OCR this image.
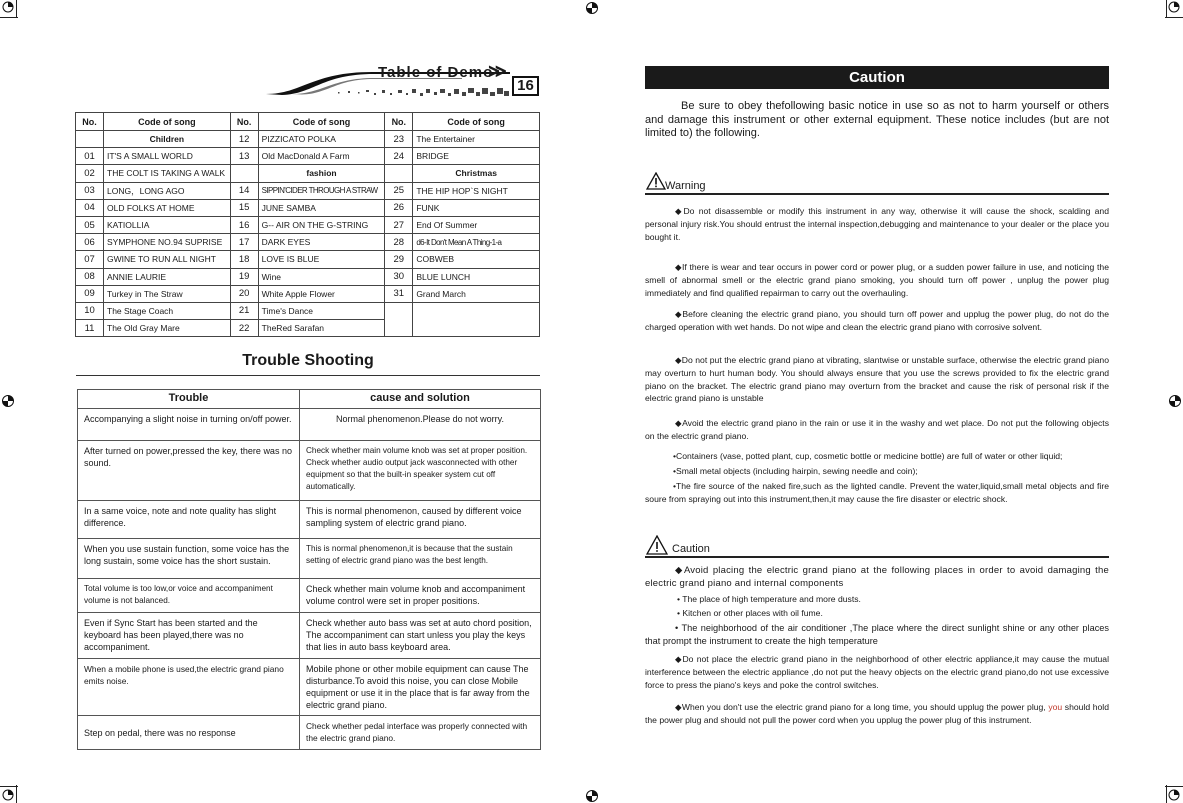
Table of Demo
≫
16
No.	Code of song	No.	Code of song	No.	Code of song
	Children	12	PIZZICATO POLKA	23	The Entertainer
01	IT'S A SMALL WORLD	13	Old MacDonald A Farm	24	BRIDGE
02	THE COLT IS TAKING A WALK		fashion		Christmas
03	LONG，LONG AGO	14	SIPPIN'CIDER THROUGH A STRAW	25	THE HIP HOP`S NIGHT
04	OLD FOLKS AT HOME	15	JUNE SAMBA	26	FUNK
05	KATIOLLIA	16	G-- AIR ON THE G-STRING	27	End Of Summer
06	SYMPHONE NO.94 SUPRISE	17	DARK EYES	28	d6-It Don't Mean A Thing-1-a
07	GWINE TO RUN ALL NIGHT	18	LOVE IS BLUE	29	COBWEB
08	ANNIE LAURIE	19	Wine	30	BLUE LUNCH
09	Turkey in The Straw	20	White Apple Flower	31	Grand March
10	The Stage Coach	21	Time's Dance		
11	The Old Gray Mare	22	TheRed Sarafan		
Trouble Shooting
Trouble	cause and solution
Accompanying a slight noise in turning on/off power.	Normal phenomenon.Please do not worry.
After turned on power,pressed the key, there was no sound.	Check whether main volume knob was set at proper position. Check whether audio output jack wasconnected with other equipment so that the built-in speaker system cut off automatically.
In a same voice, note and note quality has slight difference.	This is normal phenomenon, caused by different voice sampling system of electric grand piano.
When you use sustain function, some voice has the long sustain, some voice has the short sustain.	This is normal phenomenon,it is because that the sustain setting of electric grand piano was the best length.
Total volume is too low,or voice and accompaniment volume is not balanced.	Check whether main volume knob and accompaniment volume control were set in proper positions.
Even if Sync Start has been started and the keyboard has been played,there was no accompaniment.	Check whether auto bass was set at auto chord position, The accompaniment can start unless you play the keys that lies in auto bass keyboard area.
When a mobile phone is used,the electric grand piano emits noise.	Mobile phone or other mobile equipment can cause The disturbance.To avoid this noise, you can close Mobile equipment or use it in the place that is far away from the electric grand piano.
Step on pedal, there was no response	Check whether pedal interface was properly connected with the electric grand piano.
Caution
Be sure to obey thefollowing basic notice in use so as not to harm yourself or others and damage this instrument or other external equipment. These notice includes (but are not limited to) the following.
Warning
◆Do not disassemble or modify this instrument in any way, otherwise it will cause the shock, scalding and personal injury risk.You should entrust the internal inspection,debugging and maintenance to your dealer or the place you bought it.
◆If there is wear and tear occurs in power cord or power plug, or a sudden power failure in use, and noticing the smell of abnormal smell or the electric grand piano smoking, you should turn off power , unplug the power plug immediately and find qualified repairman to carry out the overhauling.
◆Before cleaning the electric grand piano, you should turn off power and upplug the power plug, do not do the charged operation with wet hands. Do not wipe and clean the electric grand piano with corrosive solvent.
◆Do not put the electric grand piano at vibrating, slantwise or unstable surface, otherwise the electric grand piano may overturn to hurt human body. You should always ensure that you use the screws provided to fix the electric grand piano on the bracket. The electric grand piano may overturn from the bracket and cause the risk of personal risk if the electric grand piano is unstable
◆Avoid the electric grand piano in the rain or use it in the washy and wet place. Do not put the following objects on the electric grand piano.
•Containers (vase, potted plant, cup, cosmetic bottle or medicine bottle) are full of water or other liquid;
•Small metal objects (including hairpin, sewing needle and coin);
•The fire source of the naked fire,such as the lighted candle. Prevent the water,liquid,small metal objects and fire soure from spraying out into this instrument,then,it may cause the fire disaster or electric shock.
Caution
◆Avoid placing the electric grand piano at the following places in order to avoid damaging the electric grand piano and internal components
• The place of high temperature and more dusts.
• Kitchen or other places with oil fume.
• The neighborhood of the air conditioner ,The place where the direct sunlight shine or any other places that prompt the instrument to create the high temperature
◆Do not place the electric grand piano in the neighborhood of other electric appliance,it may cause the mutual interference between the electric appliance ,do not put the heavy objects on the electric grand piano,do not use excessive force to press the piano's keys and poke the control switches.
◆When you don't use the electric grand piano for a long time, you should upplug the power plug, you should hold the power plug and should not pull the power cord when you upplug the power plug of this instrument.
